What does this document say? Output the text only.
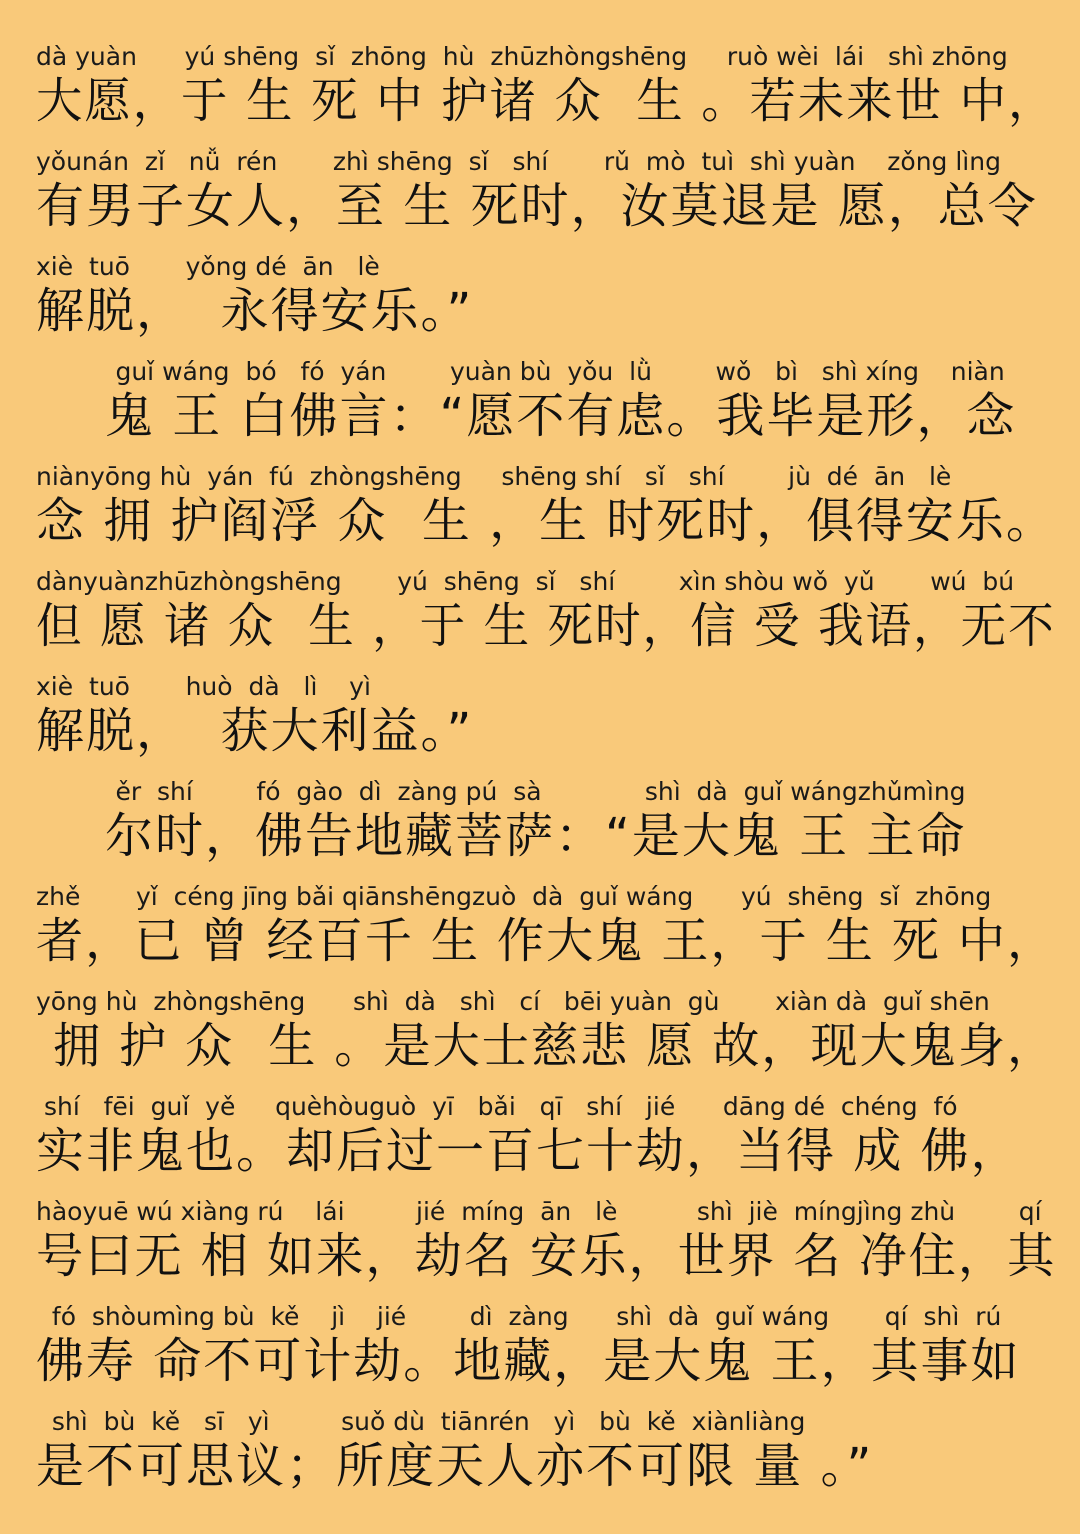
dà yuàn      yú shēng  sǐ  zhōng  hù  zhūzhòngshēng     ruò wèi  lái   shì zhōng
大愿，于 生 死 中 护诸 众  生 。若未来世 中，
yǒunán  zǐ   nǚ  rén       zhì shēng  sǐ   shí       rǔ  mò  tuì  shì yuàn    zǒng lìng
有男子女人，至 生 死时，汝莫退是 愿，总令
xiè  tuō       yǒng dé  ān   lè
解脱，  永得安乐。”
guǐ wáng  bó   fó  yán        yuàn bù  yǒu  lǜ        wǒ   bì   shì xíng    niàn
鬼 王 白佛言：“愿不有虑。我毕是形，念
niànyōng hù  yán  fú  zhòngshēng     shēng shí   sǐ   shí        jù  dé  ān   lè
念 拥 护阎浮 众  生 ，生 时死时，俱得安乐。
dànyuànzhūzhòngshēng       yú  shēng  sǐ   shí        xìn shòu wǒ  yǔ       wú  bú
但 愿 诸 众  生 ，于 生 死时，信 受 我语，无不
xiè  tuō       huò  dà   lì    yì
解脱，  获大利益。”
ěr  shí        fó  gào  dì  zàng pú  sà             shì  dà  guǐ wángzhǔmìng
尔时，佛告地藏菩萨：“是大鬼 王 主命
zhě       yǐ  céng jīng bǎi qiānshēngzuò  dà  guǐ wáng      yú  shēng  sǐ  zhōng
者，已 曾 经百千 生 作大鬼 王，于 生 死 中，
yōng hù  zhòngshēng      shì  dà   shì   cí   bēi yuàn  gù       xiàn dà  guǐ shēn
拥 护 众  生 。是大士慈悲 愿 故，现大鬼身，
shí   fēi  guǐ  yě     quèhòuguò  yī   bǎi   qī   shí   jié      dāng dé  chéng  fó
实非鬼也。却后过一百七十劫，当得 成 佛，
hàoyuē wú xiàng rú    lái         jié  míng  ān   lè          shì  jiè  míngjìng zhù        qí
号曰无 相 如来，劫名 安乐，世界 名 净住，其
fó  shòumìng bù  kě    jì    jié        dì  zàng      shì  dà  guǐ wáng       qí  shì  rú
佛寿 命不可计劫。地藏，是大鬼 王，其事如
shì  bù  kě   sī   yì         suǒ dù  tiānrén   yì   bù  kě  xiànliàng
是不可思议；所度天人亦不可限 量 。”
